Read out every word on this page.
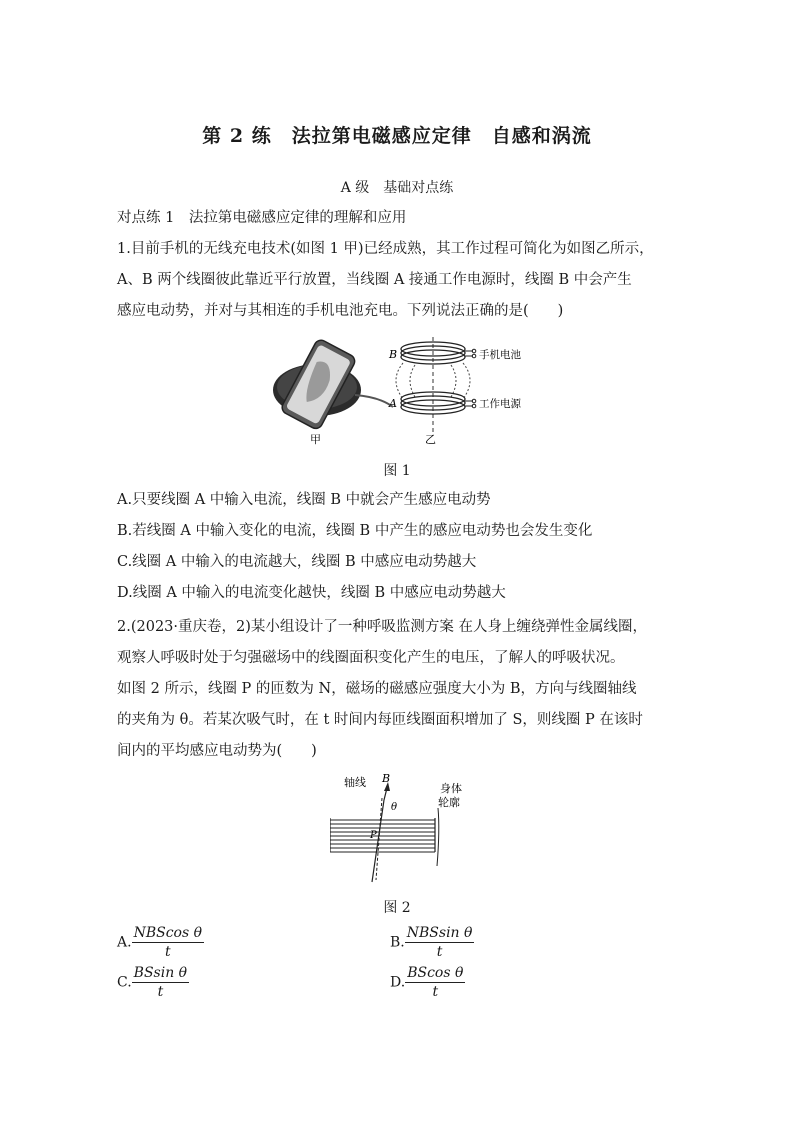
第 2 练　法拉第电磁感应定律　自感和涡流
A 级　基础对点练
对点练 1　法拉第电磁感应定律的理解和应用
1.目前手机的无线充电技术(如图 1 甲)已经成熟，其工作过程可简化为如图乙所示，
A、B 两个线圈彼此靠近平行放置，当线圈 A 接通工作电源时，线圈 B 中会产生
感应电动势，并对与其相连的手机电池充电。下列说法正确的是(　　)
甲
B
A
手机电池
工作电源
乙
图 1
A.只要线圈 A 中输入电流，线圈 B 中就会产生感应电动势
B.若线圈 A 中输入变化的电流，线圈 B 中产生的感应电动势也会发生变化
C.线圈 A 中输入的电流越大，线圈 B 中感应电动势越大
D.线圈 A 中输入的电流变化越快，线圈 B 中感应电动势越大
2.(2023·重庆卷，2)某小组设计了一种呼吸监测方案 在人身上缠绕弹性金属线圈，
观察人呼吸时处于匀强磁场中的线圈面积变化产生的电压，了解人的呼吸状况。
如图 2 所示，线圈 P 的匝数为 N，磁场的磁感应强度大小为 B，方向与线圈轴线
的夹角为 θ。若某次吸气时，在 t 时间内每匝线圈面积增加了 S，则线圈 P 在该时
间内的平均感应电动势为(　　)
轴线 B
θ
身体
轮廓
P
图 2
A. $\frac{\text{NBScos θ}}{t}$	B. $\frac{\text{NBSsin θ}}{t}$
C. $\frac{\text{BSsin θ}}{t}$	D. $\frac{\text{BScos θ}}{t}$
